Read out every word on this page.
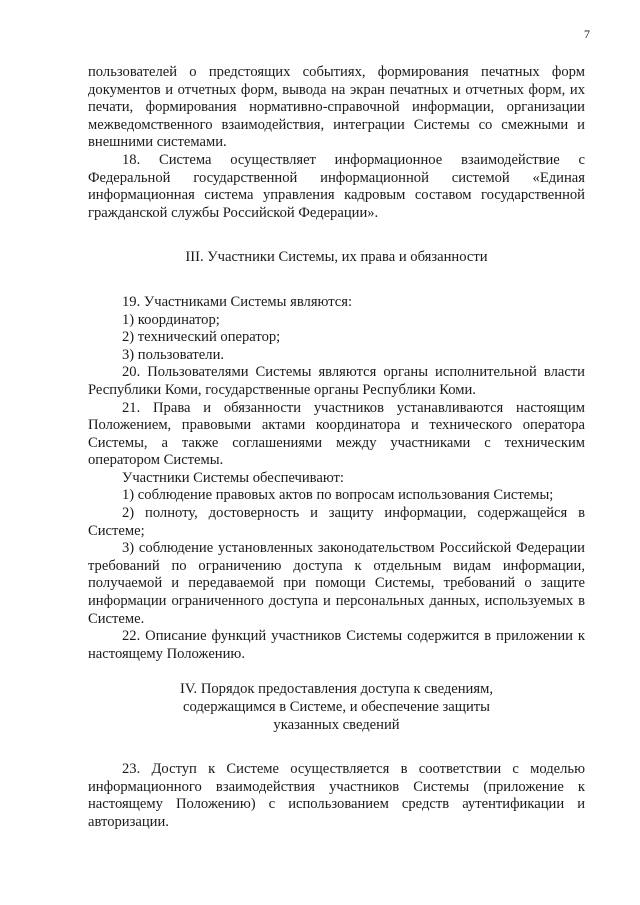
7

пользователей о предстоящих событиях, формирования печатных форм документов и отчетных форм, вывода на экран печатных и отчетных форм, их печати, формирования нормативно-справочной информации, организации межведомственного взаимодействия, интеграции Системы со смежными и внешними системами.

18. Система осуществляет информационное взаимодействие с Федеральной государственной информационной системой «Единая информационная система управления кадровым составом государственной гражданской службы Российской Федерации».

III. Участники Системы, их права и обязанности

19. Участниками Системы являются:

1) координатор;

2) технический оператор;

3) пользователи.

20. Пользователями Системы являются органы исполнительной власти Республики Коми, государственные органы Республики Коми.

21. Права и обязанности участников устанавливаются настоящим Положением, правовыми актами координатора и технического оператора Системы, а также соглашениями между участниками с техническим оператором Системы.

Участники Системы обеспечивают:

1) соблюдение правовых актов по вопросам использования Системы;

2) полноту, достоверность и защиту информации, содержащейся в Системе;

3) соблюдение установленных законодательством Российской Федерации требований по ограничению доступа к отдельным видам информации, получаемой и передаваемой при помощи Системы, требований о защите информации ограниченного доступа и персональных данных, используемых в Системе.

22. Описание функций участников Системы содержится в приложении к настоящему Положению.

IV. Порядок предоставления доступа к сведениям,

содержащимся в Системе, и обеспечение защиты

указанных сведений

23. Доступ к Системе осуществляется в соответствии с моделью информационного взаимодействия участников Системы (приложение к настоящему Положению) с использованием средств аутентификации и авторизации.
